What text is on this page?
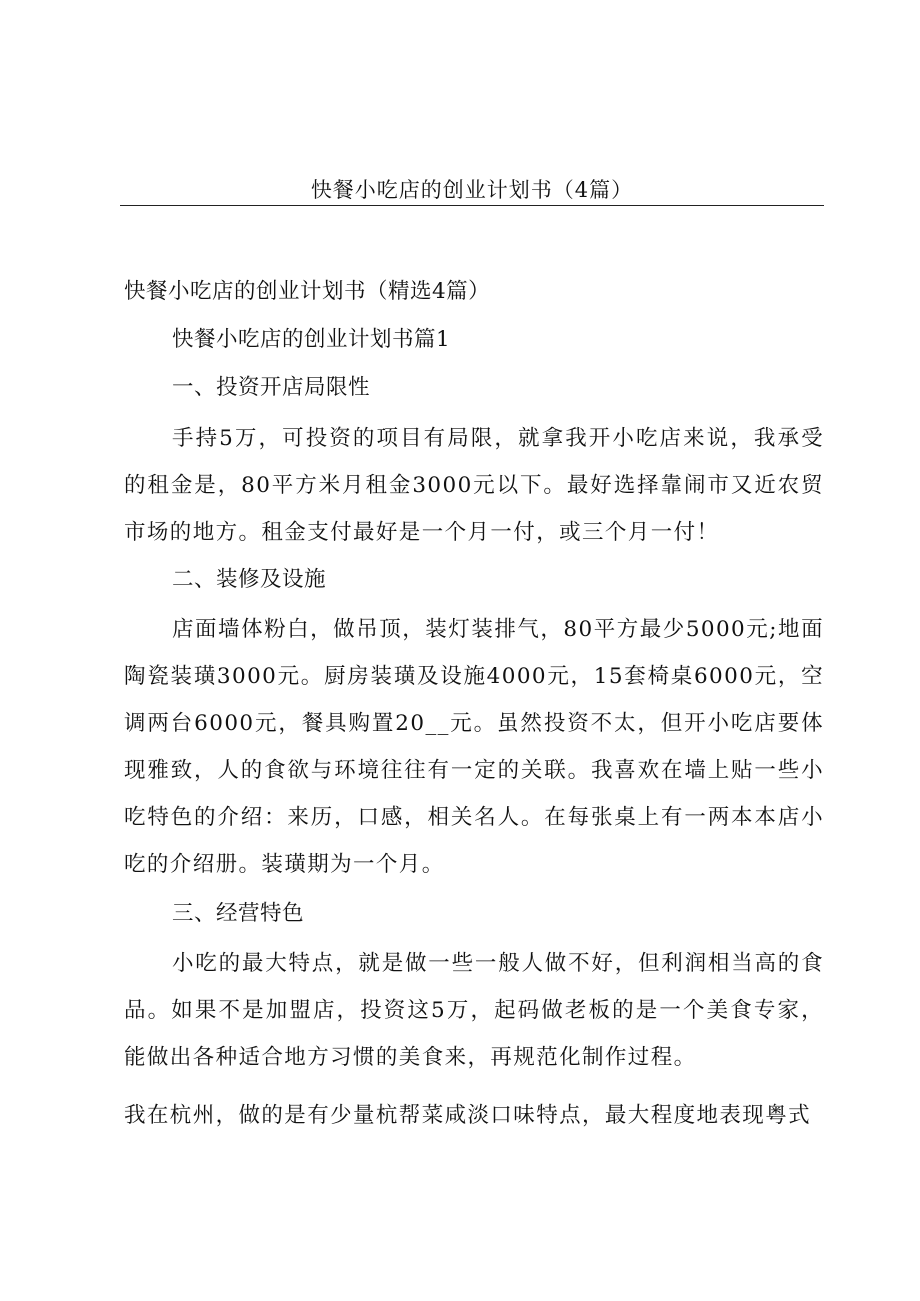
快餐小吃店的创业计划书（4篇）
快餐小吃店的创业计划书（精选4篇）
快餐小吃店的创业计划书篇1
一、投资开店局限性
手持5万，可投资的项目有局限，就拿我开小吃店来说，我承受的租金是，80平方米月租金3000元以下。最好选择靠闹市又近农贸市场的地方。租金支付最好是一个月一付，或三个月一付！
二、装修及设施
店面墙体粉白，做吊顶，装灯装排气，80平方最少5000元;地面陶瓷装璜3000元。厨房装璜及设施4000元，15套椅桌6000元，空调两台6000元，餐具购置20__元。虽然投资不太，但开小吃店要体现雅致，人的食欲与环境往往有一定的关联。我喜欢在墙上贴一些小吃特色的介绍：来历，口感，相关名人。在每张桌上有一两本本店小吃的介绍册。装璜期为一个月。
三、经营特色
小吃的最大特点，就是做一些一般人做不好，但利润相当高的食品。如果不是加盟店，投资这5万，起码做老板的是一个美食专家，能做出各种适合地方习惯的美食来，再规范化制作过程。
我在杭州，做的是有少量杭帮菜咸淡口味特点，最大程度地表现粤式
